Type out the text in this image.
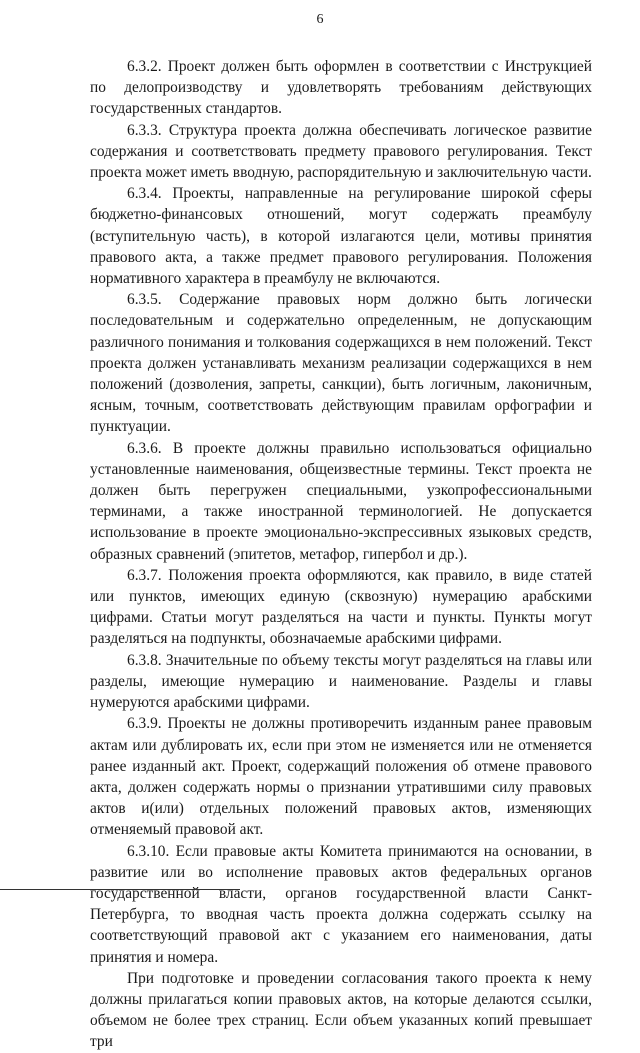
6

6.3.2. Проект должен быть оформлен в соответствии с Инструкцией по делопроизводству и удовлетворять требованиям действующих государственных стандартов.

6.3.3. Структура проекта должна обеспечивать логическое развитие содержания и соответствовать предмету правового регулирования. Текст проекта может иметь вводную, распорядительную и заключительную части.

6.3.4. Проекты, направленные на регулирование широкой сферы бюджетно-финансовых отношений, могут содержать преамбулу (вступительную часть), в которой излагаются цели, мотивы принятия правового акта, а также предмет правового регулирования. Положения нормативного характера в преамбулу не включаются.

6.3.5. Содержание правовых норм должно быть логически последовательным и содержательно определенным, не допускающим различного понимания и толкования содержащихся в нем положений. Текст проекта должен устанавливать механизм реализации содержащихся в нем положений (дозволения, запреты, санкции), быть логичным, лаконичным, ясным, точным, соответствовать действующим правилам орфографии и пунктуации.

6.3.6. В проекте должны правильно использоваться официально установленные наименования, общеизвестные термины. Текст проекта не должен быть перегружен специальными, узкопрофессиональными терминами, а также иностранной терминологией. Не допускается использование в проекте эмоционально-экспрессивных языковых средств, образных сравнений (эпитетов, метафор, гипербол и др.).

6.3.7. Положения проекта оформляются, как правило, в виде статей или пунктов, имеющих единую (сквозную) нумерацию арабскими цифрами. Статьи могут разделяться на части и пункты. Пункты могут разделяться на подпункты, обозначаемые арабскими цифрами.

6.3.8. Значительные по объему тексты могут разделяться на главы или разделы, имеющие нумерацию и наименование. Разделы и главы нумеруются арабскими цифрами.

6.3.9. Проекты не должны противоречить изданным ранее правовым актам или дублировать их, если при этом не изменяется или не отменяется ранее изданный акт. Проект, содержащий положения об отмене правового акта, должен содержать нормы о признании утратившими силу правовых актов и(или) отдельных положений правовых актов, изменяющих отменяемый правовой акт.

6.3.10. Если правовые акты Комитета принимаются на основании, в развитие или во исполнение правовых актов федеральных органов государственной власти, органов государственной власти Санкт-Петербурга, то вводная часть проекта должна содержать ссылку на соответствующий правовой акт с указанием его наименования, даты принятия и номера.

При подготовке и проведении согласования такого проекта к нему должны прилагаться копии правовых актов, на которые делаются ссылки, объемом не более трех страниц. Если объем указанных копий превышает три
